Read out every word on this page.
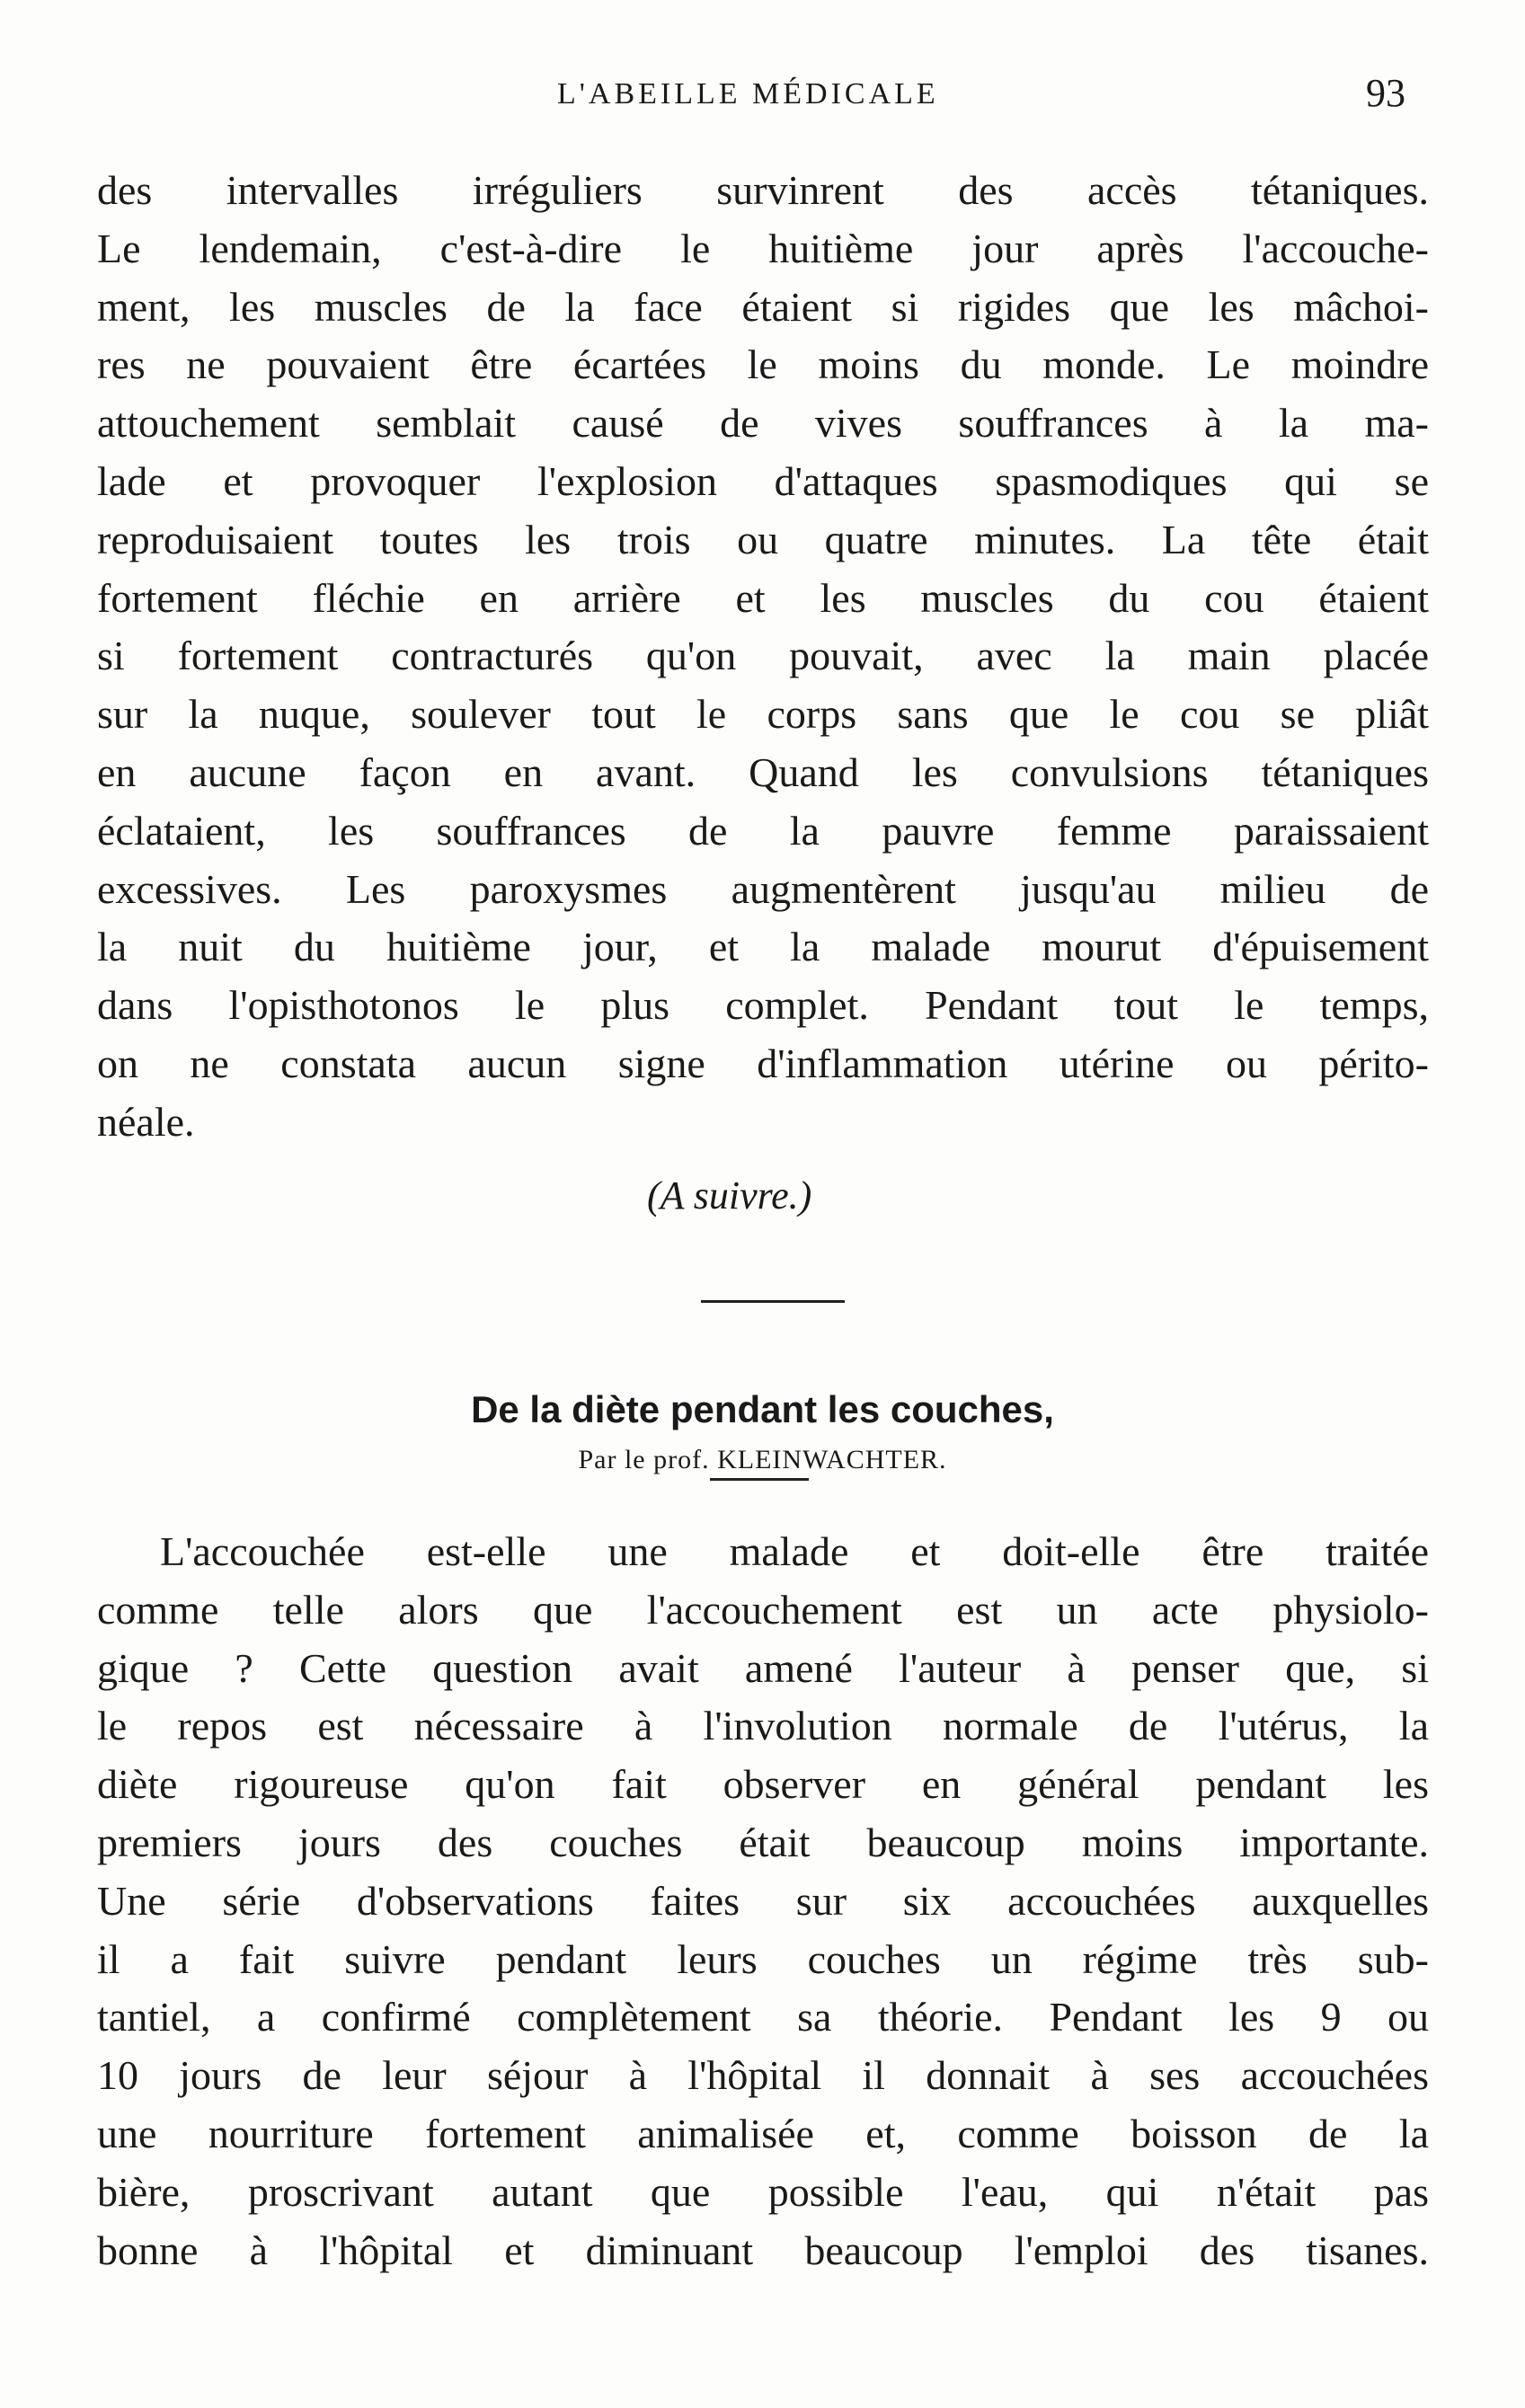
L'ABEILLE MÉDICALE	93
des intervalles irréguliers survinrent des accès tétaniques.
Le lendemain, c'est-à-dire le huitième jour après l'accouche-
ment, les muscles de la face étaient si rigides que les mâchoi-
res ne pouvaient être écartées le moins du monde. Le moindre
attouchement semblait causé de vives souffrances à la ma-
lade et provoquer l'explosion d'attaques spasmodiques qui se
reproduisaient toutes les trois ou quatre minutes. La tête était
fortement fléchie en arrière et les muscles du cou étaient
si fortement contracturés qu'on pouvait, avec la main placée
sur la nuque, soulever tout le corps sans que le cou se pliât
en aucune façon en avant. Quand les convulsions tétaniques
éclataient, les souffrances de la pauvre femme paraissaient
excessives. Les paroxysmes augmentèrent jusqu'au milieu de
la nuit du huitième jour, et la malade mourut d'épuisement
dans l'opisthotonos le plus complet. Pendant tout le temps,
on ne constata aucun signe d'inflammation utérine ou périto-
néale.
(A suivre.)
De la diète pendant les couches,
Par le prof. KLEINWACHTER.
L'accouchée est-elle une malade et doit-elle être traitée
comme telle alors que l'accouchement est un acte physiolo-
gique ? Cette question avait amené l'auteur à penser que, si
le repos est nécessaire à l'involution normale de l'utérus, la
diète rigoureuse qu'on fait observer en général pendant les
premiers jours des couches était beaucoup moins importante.
Une série d'observations faites sur six accouchées auxquelles
il a fait suivre pendant leurs couches un régime très sub-
tantiel, a confirmé complètement sa théorie. Pendant les 9 ou
10 jours de leur séjour à l'hôpital il donnait à ses accouchées
une nourriture fortement animalisée et, comme boisson de la
bière, proscrivant autant que possible l'eau, qui n'était pas
bonne à l'hôpital et diminuant beaucoup l'emploi des tisanes.
